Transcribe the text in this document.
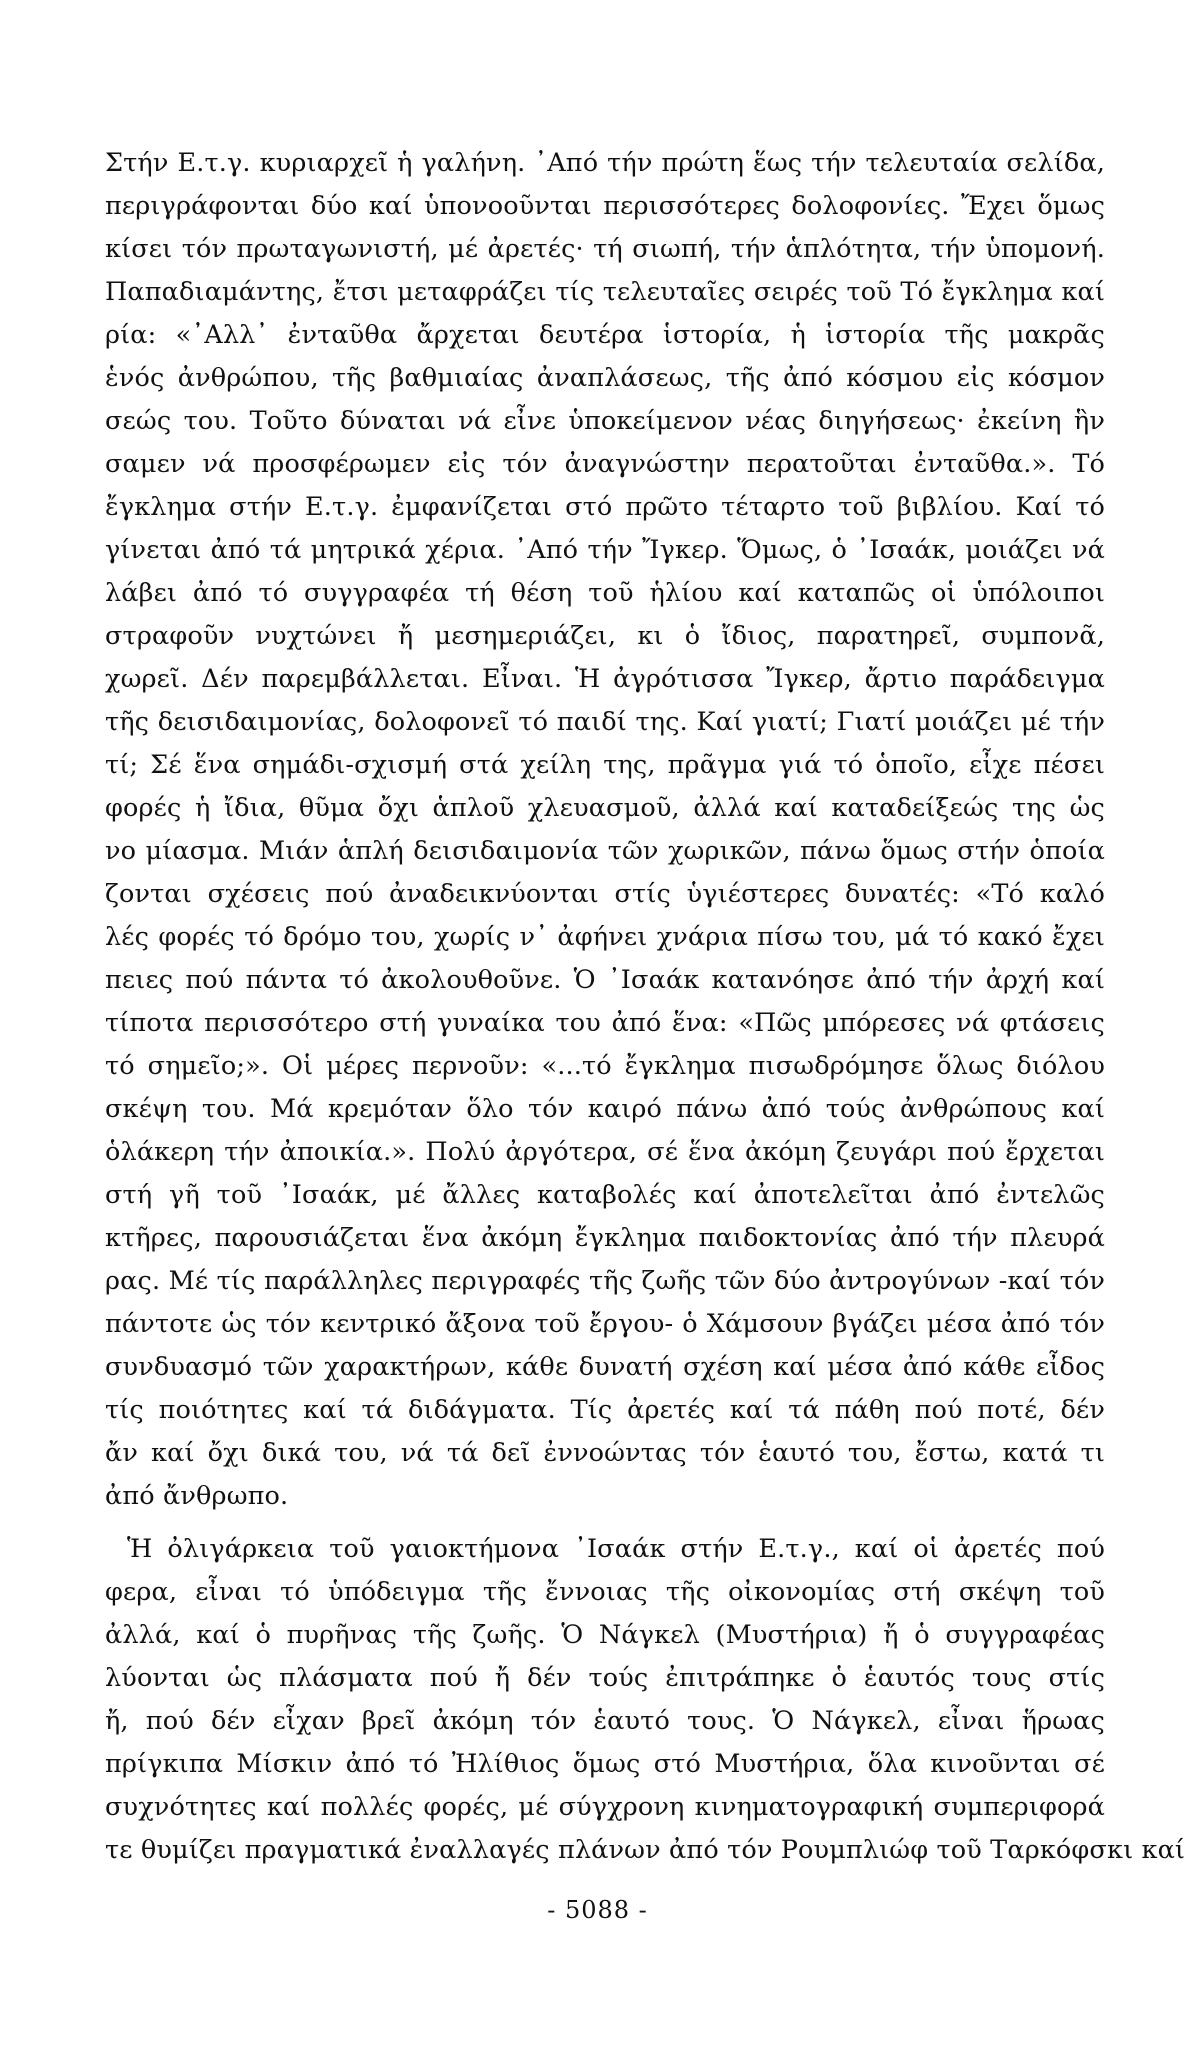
Στήν Ε.τ.γ. κυριαρχεῖ ἡ γαλήνη. ᾿Από τήν πρώτη ἕως τήν τελευταία σελίδα,
περιγράφονται δύο καί ὑπονοοῦνται περισσότερες δολοφονίες. Ἔχει ὅμως
κίσει τόν πρωταγωνιστή, μέ ἀρετές· τή σιωπή, τήν ἁπλότητα, τήν ὑπομονή.
Παπαδιαμάντης, ἔτσι μεταφράζει τίς τελευταῖες σειρές τοῦ Τό ἔγκλημα καί
ρία: «᾿Αλλ᾿ ἐνταῦθα ἄρχεται δευτέρα ἱστορία, ἡ ἱστορία τῆς μακρᾶς
ἑνός ἀνθρώπου, τῆς βαθμιαίας ἀναπλάσεως, τῆς ἀπό κόσμου εἰς κόσμον
σεώς του. Τοῦτο δύναται νά εἶνε ὑποκείμενον νέας διηγήσεως· ἐκείνη ἣν
σαμεν νά προσφέρωμεν εἰς τόν ἀναγνώστην περατοῦται ἐνταῦθα.». Τό
ἔγκλημα στήν Ε.τ.γ. ἐμφανίζεται στό πρῶτο τέταρτο τοῦ βιβλίου. Καί τό
γίνεται ἀπό τά μητρικά χέρια. ᾿Από τήν Ἴγκερ. Ὅμως, ὁ ᾿Ισαάκ, μοιάζει νά
λάβει ἀπό τό συγγραφέα τή θέση τοῦ ἡλίου καί καταπῶς οἱ ὑπόλοιποι
στραφοῦν νυχτώνει ἤ μεσημεριάζει, κι ὁ ἴδιος, παρατηρεῖ, συμπονᾶ,
χωρεῖ. Δέν παρεμβάλλεται. Εἶναι. Ἡ ἀγρότισσα Ἴγκερ, ἄρτιο παράδειγμα
τῆς δεισιδαιμονίας, δολοφονεῖ τό παιδί της. Καί γιατί; Γιατί μοιάζει μέ τήν
τί; Σέ ἕνα σημάδι-σχισμή στά χείλη της, πρᾶγμα γιά τό ὁποῖο, εἶχε πέσει
φορές ἡ ἴδια, θῦμα ὄχι ἁπλοῦ χλευασμοῦ, ἀλλά καί καταδείξεώς της ὡς
νο μίασμα. Μιάν ἁπλή δεισιδαιμονία τῶν χωρικῶν, πάνω ὅμως στήν ὁποία
ζονται σχέσεις πού ἀναδεικνύονται στίς ὑγιέστερες δυνατές: «Τό καλό
λές φορές τό δρόμο του, χωρίς ν᾿ ἀφήνει χνάρια πίσω του, μά τό κακό ἔχει
πειες πού πάντα τό ἀκολουθοῦνε. Ὁ ᾿Ισαάκ κατανόησε ἀπό τήν ἀρχή καί
τίποτα περισσότερο στή γυναίκα του ἀπό ἕνα: «Πῶς μπόρεσες νά φτάσεις
τό σημεῖο;». Οἱ μέρες περνοῦν: «...τό ἔγκλημα πισωδρόμησε ὅλως διόλου
σκέψη του. Μά κρεμόταν ὅλο τόν καιρό πάνω ἀπό τούς ἀνθρώπους καί
ὁλάκερη τήν ἀποικία.». Πολύ ἀργότερα, σέ ἕνα ἀκόμη ζευγάρι πού ἔρχεται
στή γῆ τοῦ ᾿Ισαάκ, μέ ἄλλες καταβολές καί ἀποτελεῖται ἀπό ἐντελῶς
κτῆρες, παρουσιάζεται ἕνα ἀκόμη ἔγκλημα παιδοκτονίας ἀπό τήν πλευρά
ρας. Μέ τίς παράλληλες περιγραφές τῆς ζωῆς τῶν δύο ἀντρογύνων -καί τόν
πάντοτε ὡς τόν κεντρικό ἄξονα τοῦ ἔργου- ὁ Χάμσουν βγάζει μέσα ἀπό τόν
συνδυασμό τῶν χαρακτήρων, κάθε δυνατή σχέση καί μέσα ἀπό κάθε εἶδος
τίς ποιότητες καί τά διδάγματα. Τίς ἀρετές καί τά πάθη πού ποτέ, δέν
ἄν καί ὄχι δικά του, νά τά δεῖ ἐννοώντας τόν ἑαυτό του, ἔστω, κατά τι
ἀπό ἄνθρωπο.
Ἡ ὀλιγάρκεια τοῦ γαιοκτήμονα ᾿Ισαάκ στήν Ε.τ.γ., καί οἱ ἀρετές πού
φερα, εἶναι τό ὑπόδειγμα τῆς ἔννοιας τῆς οἰκονομίας στή σκέψη τοῦ
ἀλλά, καί ὁ πυρῆνας τῆς ζωῆς. Ὁ Νάγκελ (Μυστήρια) ἤ ὁ συγγραφέας
λύονται ὡς πλάσματα πού ἤ δέν τούς ἐπιτράπηκε ὁ ἑαυτός τους στίς
ἤ, πού δέν εἶχαν βρεῖ ἀκόμη τόν ἑαυτό τους. Ὁ Νάγκελ, εἶναι ἥρωας
πρίγκιπα Μίσκιν ἀπό τό Ἠλίθιος ὅμως στό Μυστήρια, ὅλα κινοῦνται σέ
συχνότητες καί πολλές φορές, μέ σύγχρονη κινηματογραφική συμπεριφορά
τε θυμίζει πραγματικά ἐναλλαγές πλάνων ἀπό τόν Ρουμπλιώφ τοῦ Ταρκόφσκι καί
- 5088 -
